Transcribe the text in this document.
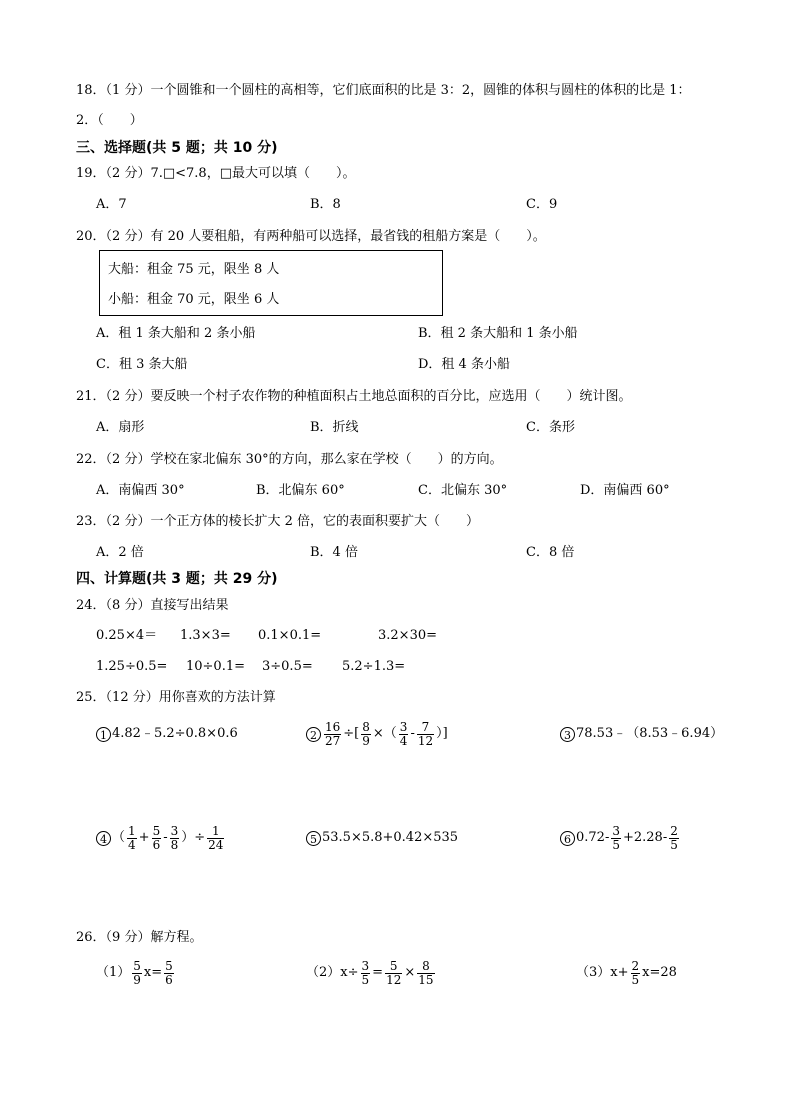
18．（1 分）一个圆锥和一个圆柱的高相等，它们底面积的比是 3：2，圆锥的体积与圆柱的体积的比是 1：
2．（　　）
三、选择题(共 5 题；共 10 分)
19．（2 分）7.□<7.8，□最大可以填（　　）。
A．7	B．8	C．9
20．（2 分）有 20 人要租船，有两种船可以选择，最省钱的租船方案是（　　）。
大船：租金 75 元，限坐 8 人
小船：租金 70 元，限坐 6 人
A．租 1 条大船和 2 条小船	B．租 2 条大船和 1 条小船
C．租 3 条大船	D．租 4 条小船
21．（2 分）要反映一个村子农作物的种植面积占土地总面积的百分比，应选用（　　）统计图。
A．扇形	B．折线	C．条形
22．（2 分）学校在家北偏东 30°的方向，那么家在学校（　　）的方向。
A．南偏西 30°	B．北偏东 60°	C．北偏东 30°	D．南偏西 60°
23．（2 分）一个正方体的棱长扩大 2 倍，它的表面积要扩大（　　）
A．2 倍	B．4 倍	C．8 倍
四、计算题(共 3 题；共 29 分)
24．（8 分）直接写出结果
0.25×4＝ 1.3×3= 0.1×0.1=	3.2×30=
1.25÷0.5= 10÷0.1= 3÷0.5= 5.2÷1.3=
25．（12 分）用你喜欢的方法计算
1 4.82﹣5.2÷0.8×0.6	$2 \frac{16}{27}$ ÷[ $\frac{8}{9}$ ×（ $\frac{3}{4} - \frac{7}{12}$ ）]	3 78.53﹣（8.53﹣6.94）
4 （ $\frac{1}{4} + \frac{5}{6} - \frac{3}{8}$ ）÷ $\frac{1}{24}$	5 53.5×5.8+0.42×535	6 $0.72- \frac{3}{5} +2.28- \frac{2}{5}$
26．（9 分）解方程。
$(1) \frac{5}{9} x= \frac{5}{6}$	$(2)x\div \frac{3}{5} = \frac{5}{12} \times \frac{8}{15}$	$(3)x+ \frac{2}{5} x=28$
